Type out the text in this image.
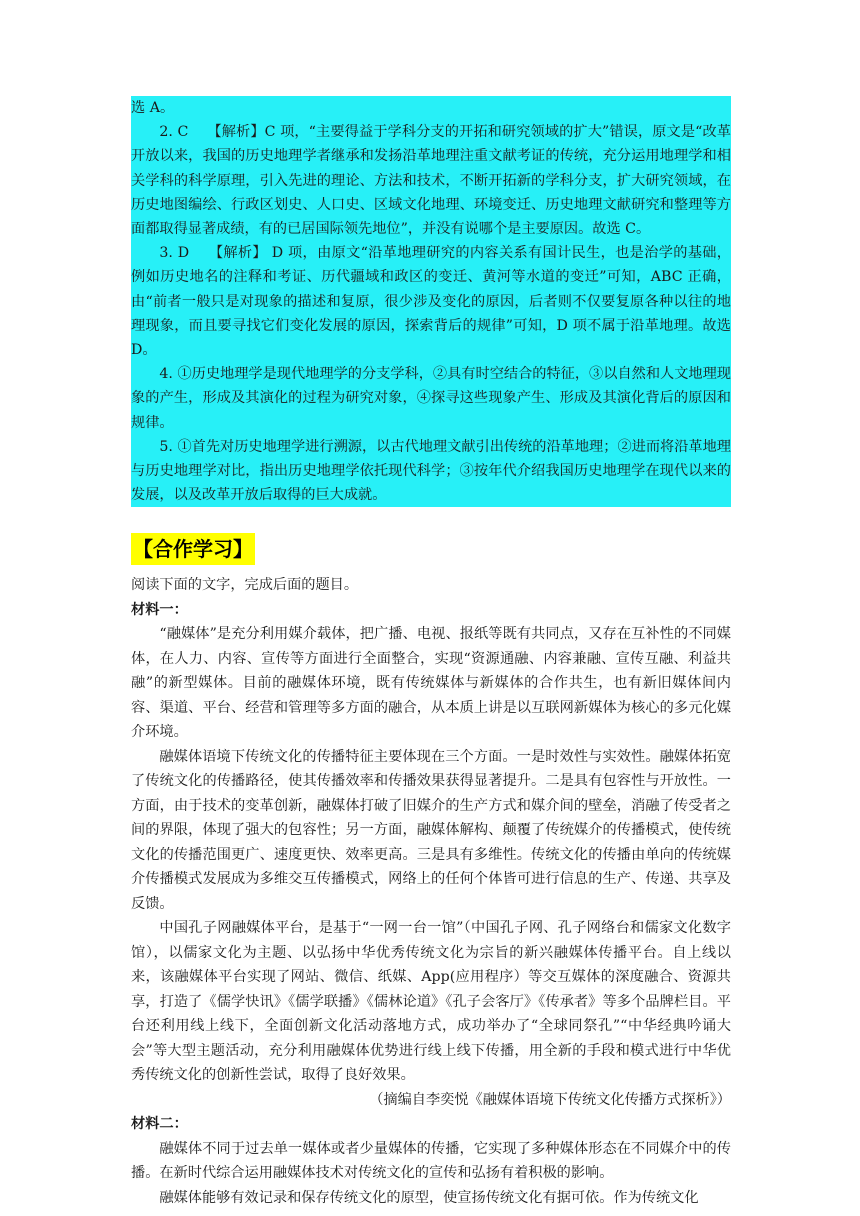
选 A。

2. C　 【解析】C 项，“主要得益于学科分支的开拓和研究领域的扩大”错误，原文是“改革开放以来，我国的历史地理学者继承和发扬沿革地理注重文献考证的传统，充分运用地理学和相关学科的科学原理，引入先进的理论、方法和技术，不断开拓新的学科分支，扩大研究领域，在历史地图编绘、行政区划史、人口史、区域文化地理、环境变迁、历史地理文献研究和整理等方面都取得显著成绩，有的已居国际领先地位”，并没有说哪个是主要原因。故选 C。

3. D　 【解析】 D 项，由原文“沿革地理研究的内容关系有国计民生，也是治学的基础，例如历史地名的注释和考证、历代疆域和政区的变迁、黄河等水道的变迁”可知，ABC 正确，由“前者一般只是对现象的描述和复原，很少涉及变化的原因，后者则不仅要复原各种以往的地理现象，而且要寻找它们变化发展的原因，探索背后的规律”可知，D 项不属于沿革地理。故选 D。

4. ①历史地理学是现代地理学的分支学科，②具有时空结合的特征，③以自然和人文地理现象的产生，形成及其演化的过程为研究对象，④探寻这些现象产生、形成及其演化背后的原因和规律。

5. ①首先对历史地理学进行溯源，以古代地理文献引出传统的沿革地理；②进而将沿革地理与历史地理学对比，指出历史地理学依托现代科学；③按年代介绍我国历史地理学在现代以来的发展，以及改革开放后取得的巨大成就。

【合作学习】

阅读下面的文字，完成后面的题目。

材料一：

“融媒体”是充分利用媒介载体，把广播、电视、报纸等既有共同点，又存在互补性的不同媒体，在人力、内容、宣传等方面进行全面整合，实现“资源通融、内容兼融、宣传互融、利益共融”的新型媒体。目前的融媒体环境，既有传统媒体与新媒体的合作共生，也有新旧媒体间内容、渠道、平台、经营和管理等多方面的融合，从本质上讲是以互联网新媒体为核心的多元化媒介环境。

融媒体语境下传统文化的传播特征主要体现在三个方面。一是时效性与实效性。融媒体拓宽了传统文化的传播路径，使其传播效率和传播效果获得显著提升。二是具有包容性与开放性。一方面，由于技术的变革创新，融媒体打破了旧媒介的生产方式和媒介间的壁垒，消融了传受者之间的界限，体现了强大的包容性；另一方面，融媒体解构、颠覆了传统媒介的传播模式，使传统文化的传播范围更广、速度更快、效率更高。三是具有多维性。传统文化的传播由单向的传统媒介传播模式发展成为多维交互传播模式，网络上的任何个体皆可进行信息的生产、传递、共享及反馈。

中国孔子网融媒体平台，是基于“一网一台一馆”（中国孔子网、孔子网络台和儒家文化数字馆），以儒家文化为主题、以弘扬中华优秀传统文化为宗旨的新兴融媒体传播平台。自上线以来，该融媒体平台实现了网站、微信、纸媒、App(应用程序）等交互媒体的深度融合、资源共享，打造了《儒学快讯》《儒学联播》《儒林论道》《孔子会客厅》《传承者》等多个品牌栏目。平台还利用线上线下，全面创新文化活动落地方式，成功举办了“全球同祭孔”“中华经典吟诵大会”等大型主题活动，充分利用融媒体优势进行线上线下传播，用全新的手段和模式进行中华优秀传统文化的创新性尝试，取得了良好效果。

（摘编自李奕悦《融媒体语境下传统文化传播方式探析》）

材料二：

融媒体不同于过去单一媒体或者少量媒体的传播，它实现了多种媒体形态在不同媒介中的传播。在新时代综合运用融媒体技术对传统文化的宣传和弘扬有着积极的影响。

融媒体能够有效记录和保存传统文化的原型，使宣扬传统文化有据可依。作为传统文化
